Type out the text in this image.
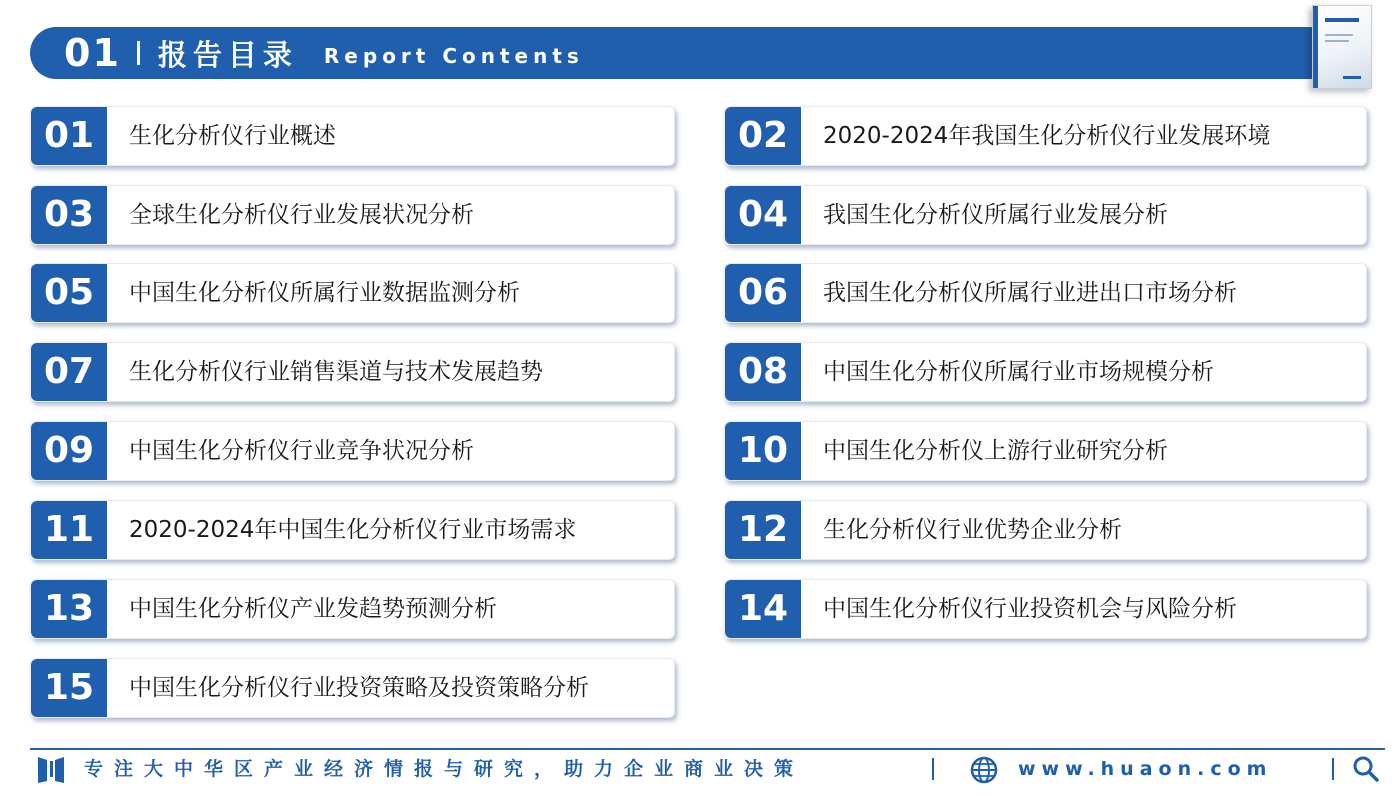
01 报告目录 Report Contents
01	生化分析仪行业概述	02	2020-2024年我国生化分析仪行业发展环境
03	全球生化分析仪行业发展状况分析	04	我国生化分析仪所属行业发展分析
05	中国生化分析仪所属行业数据监测分析	06	我国生化分析仪所属行业进出口市场分析
07	生化分析仪行业销售渠道与技术发展趋势	08	中国生化分析仪所属行业市场规模分析
09	中国生化分析仪行业竞争状况分析	10	中国生化分析仪上游行业研究分析
11	2020-2024年中国生化分析仪行业市场需求	12	生化分析仪行业优势企业分析
13	中国生化分析仪产业发趋势预测分析	14	中国生化分析仪行业投资机会与风险分析
15	中国生化分析仪行业投资策略及投资策略分析
专注大中华区产业经济情报与研究，助力企业商业决策	www.huaon.com
